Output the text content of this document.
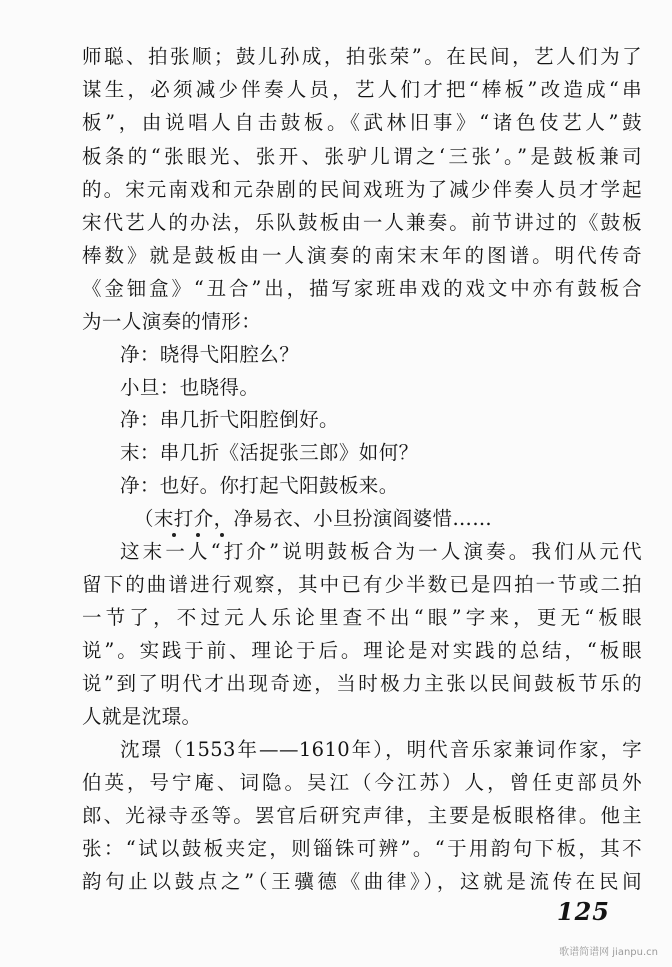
师聪、拍张顺；鼓儿孙成，拍张荣”。在民间，艺人们为了
谋生，必须减少伴奏人员，艺人们才把“棒板”改造成“串
板”，由说唱人自击鼓板。《武林旧事》“诸色伎艺人”鼓
板条的“张眼光、张开、张驴儿谓之‘三张’。”是鼓板兼司
的。宋元南戏和元杂剧的民间戏班为了减少伴奏人员才学起
宋代艺人的办法，乐队鼓板由一人兼奏。前节讲过的《鼓板
棒数》就是鼓板由一人演奏的南宋末年的图谱。明代传奇
《金钿盒》“丑合”出，描写家班串戏的戏文中亦有鼓板合
为一人演奏的情形：
净：晓得弋阳腔么？
小旦：也晓得。
净：串几折弋阳腔倒好。
末：串几折《活捉张三郎》如何？
净：也好。你打起弋阳鼓板来。
（末打介，净易衣、小旦扮演阎婆惜……
这末一人“打介”说明鼓板合为一人演奏。我们从元代
留下的曲谱进行观察，其中已有少半数已是四拍一节或二拍
一节了，不过元人乐论里查不出“眼”字来，更无“板眼
说”。实践于前、理论于后。理论是对实践的总结，“板眼
说”到了明代才出现奇迹，当时极力主张以民间鼓板节乐的
人就是沈璟。
沈璟（1553年——1610年），明代音乐家兼词作家，字
伯英，号宁庵、词隐。吴江（今江苏）人，曾任吏部员外
郎、光禄寺丞等。罢官后研究声律，主要是板眼格律。他主
张：“试以鼓板夹定，则锱铢可辨”。“于用韵句下板，其不
韵句止以鼓点之”（王骥德《曲律》），这就是流传在民间
125
歌谱简谱网 jianpu.cn
